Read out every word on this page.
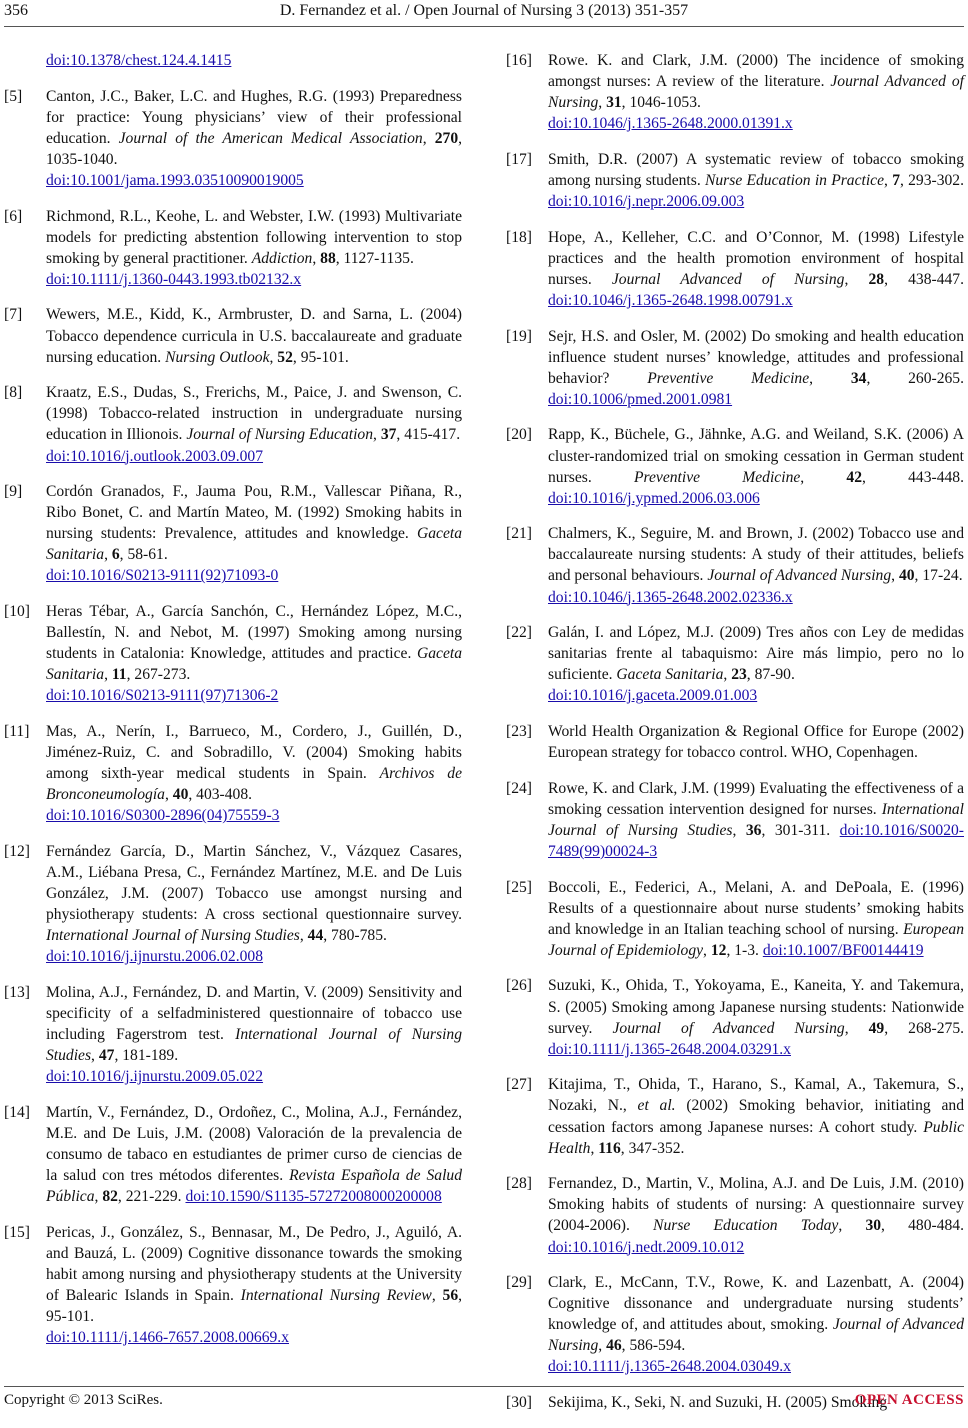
356	D. Fernandez et al. / Open Journal of Nursing 3 (2013) 351-357
doi:10.1378/chest.124.4.1415
[5] Canton, J.C., Baker, L.C. and Hughes, R.G. (1993) Preparedness for practice: Young physicians’ view of their professional education. Journal of the American Medical Association, 270, 1035-1040.
doi:10.1001/jama.1993.03510090019005
[6] Richmond, R.L., Keohe, L. and Webster, I.W. (1993) Multivariate models for predicting abstention following intervention to stop smoking by general practitioner. Addiction, 88, 1127-1135.
doi:10.1111/j.1360-0443.1993.tb02132.x
[7] Wewers, M.E., Kidd, K., Armbruster, D. and Sarna, L. (2004) Tobacco dependence curricula in U.S. baccalaureate and graduate nursing education. Nursing Outlook, 52, 95-101.
[8] Kraatz, E.S., Dudas, S., Frerichs, M., Paice, J. and Swenson, C. (1998) Tobacco-related instruction in undergraduate nursing education in Illionois. Journal of Nursing Education, 37, 415-417.
doi:10.1016/j.outlook.2003.09.007
[9] Cordón Granados, F., Jauma Pou, R.M., Vallescar Piñana, R., Ribo Bonet, C. and Martín Mateo, M. (1992) Smoking habits in nursing students: Prevalence, attitudes and knowledge. Gaceta Sanitaria, 6, 58-61.
doi:10.1016/S0213-9111(92)71093-0
[10] Heras Tébar, A., García Sanchón, C., Hernández López, M.C., Ballestín, N. and Nebot, M. (1997) Smoking among nursing students in Catalonia: Knowledge, attitudes and practice. Gaceta Sanitaria, 11, 267-273.
doi:10.1016/S0213-9111(97)71306-2
[11] Mas, A., Nerín, I., Barrueco, M., Cordero, J., Guillén, D., Jiménez-Ruiz, C. and Sobradillo, V. (2004) Smoking habits among sixth-year medical students in Spain. Archivos de Bronconeumología, 40, 403-408.
doi:10.1016/S0300-2896(04)75559-3
[12] Fernández García, D., Martin Sánchez, V., Vázquez Casares, A.M., Liébana Presa, C., Fernández Martínez, M.E. and De Luis González, J.M. (2007) Tobacco use amongst nursing and physiotherapy students: A cross sectional questionnaire survey. International Journal of Nursing Studies, 44, 780-785.
doi:10.1016/j.ijnurstu.2006.02.008
[13] Molina, A.J., Fernández, D. and Martin, V. (2009) Sensitivity and specificity of a selfadministered questionnaire of tobacco use including Fagerstrom test. International Journal of Nursing Studies, 47, 181-189.
doi:10.1016/j.ijnurstu.2009.05.022
[14] Martín, V., Fernández, D., Ordoñez, C., Molina, A.J., Fernández, M.E. and De Luis, J.M. (2008) Valoración de la prevalencia de consumo de tabaco en estudiantes de primer curso de ciencias de la salud con tres métodos diferentes. Revista Española de Salud Pública, 82, 221-229. doi:10.1590/S1135-57272008000200008
[15] Pericas, J., González, S., Bennasar, M., De Pedro, J., Aguiló, A. and Bauzá, L. (2009) Cognitive dissonance towards the smoking habit among nursing and physiotherapy students at the University of Balearic Islands in Spain. International Nursing Review, 56, 95-101.
doi:10.1111/j.1466-7657.2008.00669.x
[16] Rowe. K. and Clark, J.M. (2000) The incidence of smoking amongst nurses: A review of the literature. Journal Advanced of Nursing, 31, 1046-1053.
doi:10.1046/j.1365-2648.2000.01391.x
[17] Smith, D.R. (2007) A systematic review of tobacco smoking among nursing students. Nurse Education in Practice, 7, 293-302. doi:10.1016/j.nepr.2006.09.003
[18] Hope, A., Kelleher, C.C. and O’Connor, M. (1998) Lifestyle practices and the health promotion environment of hospital nurses. Journal Advanced of Nursing, 28, 438-447. doi:10.1046/j.1365-2648.1998.00791.x
[19] Sejr, H.S. and Osler, M. (2002) Do smoking and health education influence student nurses’ knowledge, attitudes and professional behavior? Preventive Medicine, 34, 260-265. doi:10.1006/pmed.2001.0981
[20] Rapp, K., Büchele, G., Jähnke, A.G. and Weiland, S.K. (2006) A cluster-randomized trial on smoking cessation in German student nurses. Preventive Medicine, 42, 443-448. doi:10.1016/j.ypmed.2006.03.006
[21] Chalmers, K., Seguire, M. and Brown, J. (2002) Tobacco use and baccalaureate nursing students: A study of their attitudes, beliefs and personal behaviours. Journal of Advanced Nursing, 40, 17-24.
doi:10.1046/j.1365-2648.2002.02336.x
[22] Galán, I. and López, M.J. (2009) Tres años con Ley de medidas sanitarias frente al tabaquismo: Aire más limpio, pero no lo suficiente. Gaceta Sanitaria, 23, 87-90.
doi:10.1016/j.gaceta.2009.01.003
[23] World Health Organization & Regional Office for Europe (2002) European strategy for tobacco control. WHO, Copenhagen.
[24] Rowe, K. and Clark, J.M. (1999) Evaluating the effectiveness of a smoking cessation intervention designed for nurses. International Journal of Nursing Studies, 36, 301-311. doi:10.1016/S0020-7489(99)00024-3
[25] Boccoli, E., Federici, A., Melani, A. and DePoala, E. (1996) Results of a questionnaire about nurse students’ smoking habits and knowledge in an Italian teaching school of nursing. European Journal of Epidemiology, 12, 1-3. doi:10.1007/BF00144419
[26] Suzuki, K., Ohida, T., Yokoyama, E., Kaneita, Y. and Takemura, S. (2005) Smoking among Japanese nursing students: Nationwide survey. Journal of Advanced Nursing, 49, 268-275. doi:10.1111/j.1365-2648.2004.03291.x
[27] Kitajima, T., Ohida, T., Harano, S., Kamal, A., Takemura, S., Nozaki, N., et al. (2002) Smoking behavior, initiating and cessation factors among Japanese nurses: A cohort study. Public Health, 116, 347-352.
[28] Fernandez, D., Martin, V., Molina, A.J. and De Luis, J.M. (2010) Smoking habits of students of nursing: A questionnaire survey (2004-2006). Nurse Education Today, 30, 480-484. doi:10.1016/j.nedt.2009.10.012
[29] Clark, E., McCann, T.V., Rowe, K. and Lazenbatt, A. (2004) Cognitive dissonance and undergraduate nursing students’ knowledge of, and attitudes about, smoking. Journal of Advanced Nursing, 46, 586-594.
doi:10.1111/j.1365-2648.2004.03049.x
[30] Sekijima, K., Seki, N. and Suzuki, H. (2005) Smoking
Copyright © 2013 SciRes.	OPEN ACCESS
